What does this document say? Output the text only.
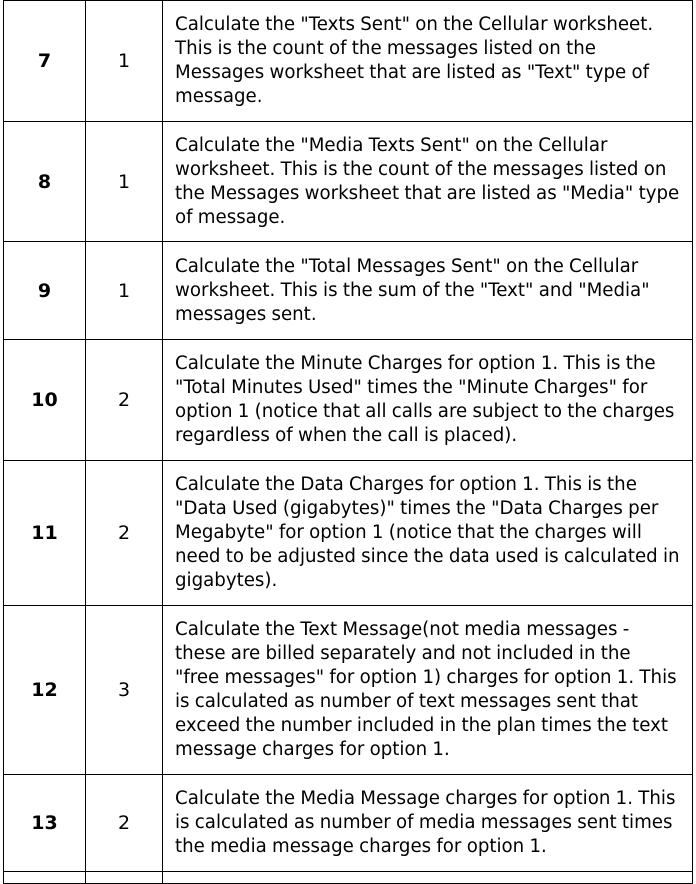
7	1	Calculate the "Texts Sent" on the Cellular worksheet. This is the count of the messages listed on the Messages worksheet that are listed as "Text" type of message.

8	1	Calculate the "Media Texts Sent" on the Cellular worksheet. This is the count of the messages listed on the Messages worksheet that are listed as "Media" type of message.

9	1	Calculate the "Total Messages Sent" on the Cellular worksheet. This is the sum of the "Text" and "Media" messages sent.

10	2	Calculate the Minute Charges for option 1. This is the "Total Minutes Used" times the "Minute Charges" for option 1 (notice that all calls are subject to the charges regardless of when the call is placed).

11	2	Calculate the Data Charges for option 1. This is the "Data Used (gigabytes)" times the "Data Charges per Megabyte" for option 1 (notice that the charges will need to be adjusted since the data used is calculated in gigabytes).

12	3	Calculate the Text Message(not media messages - these are billed separately and not included in the "free messages" for option 1) charges for option 1. This is calculated as number of text messages sent that exceed the number included in the plan times the text message charges for option 1.

13	2	Calculate the Media Message charges for option 1. This is calculated as number of media messages sent times the media message charges for option 1.
